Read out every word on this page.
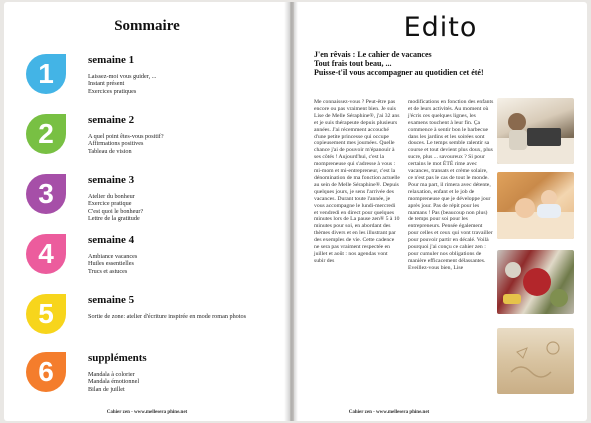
Sommaire
1	semaine 1
Laissez-moi vous guider, ...
Instant présent
Exercices pratiques
2	semaine 2
A quel point êtes-vous positif?
Affirmations positives
Tableau de vision
3	semaine 3
Atelier du bonheur
Exercice pratique
C'est quoi le bonheur?
Lettre de la gratitude
4	semaine 4
Ambiance vacances
Huiles essentielles
Trucs et astuces
5	semaine 5
Sortie de zone: atelier d'écriture inspirée en mode roman photos
6	suppléments
Mandala à colorier
Mandala émotionnel
Bilan de juillet
Cahier zen - www.mellesera phine.net
Edito
J'en rêvais : Le cahier de vacances
Tout frais tout beau, ...
Puisse-t'il vous accompagner au quotidien cet été!
Me connaissez-vous ? Peut-être pas encore ou pas vraiment bien. Je suis Lise de Melle Séraphine®, j'ai 32 ans et je suis thérapeute depuis plusieurs années. J'ai récemment accouché d'une petite princesse qui occupe copieusement mes journées. Quelle chance j'ai de pouvoir m'épanouir à ses côtés ! Aujourd'hui, c'est la mompreneuse qui s'adresse à vous : mi-mom et mi-entrepreneur, c'est la dénomination de ma fonction actuelle au sein de Melle Séraphine®. Depuis quelques jours, je sens l'arrivée des vacances. Durant toute l'année, je vous accompagne le lundi-mercredi et vendredi en direct pour quelques minutes lors de La pause zen® 5 à 10 minutes pour soi, en abordant des thèmes divers et en les illustrant par des exemples de vie. Cette cadence ne sera pas vraiment respectée en juillet et août : nos agendas vont subir des
modifications en fonction des enfants et de leurs activités. Au moment où j'écris ces quelques lignes, les examens touchent à leur fin. Ça commence à sentir bon le barbecue dans les jardins et les soirées sont douces. Le temps semble ralentir sa course et tout devient plus doux, plus sucre, plus ... savoureux ? Si pour certains le mot ÉTÉ rime avec vacances, transats et crème solaire, ce n'est pas le cas de tout le monde. Pour ma part, il rimera avec détente, relaxation, enfant et le job de mompreneuse que je développe jour après jour. Pas de répit pour les mamans ! Pas (beaucoup non plus) de temps pour soi pour les entrepreneurs. Pensée également pour celles et ceux qui vont travailler pour pouvoir partir en décalé. Voilà pourquoi j'ai conçu ce cahier zen : pour cumuler nos obligations de manière efficacement délassantes. Eveillez-vous bien, Lise
Cahier zen - www.mellesera phine.net
